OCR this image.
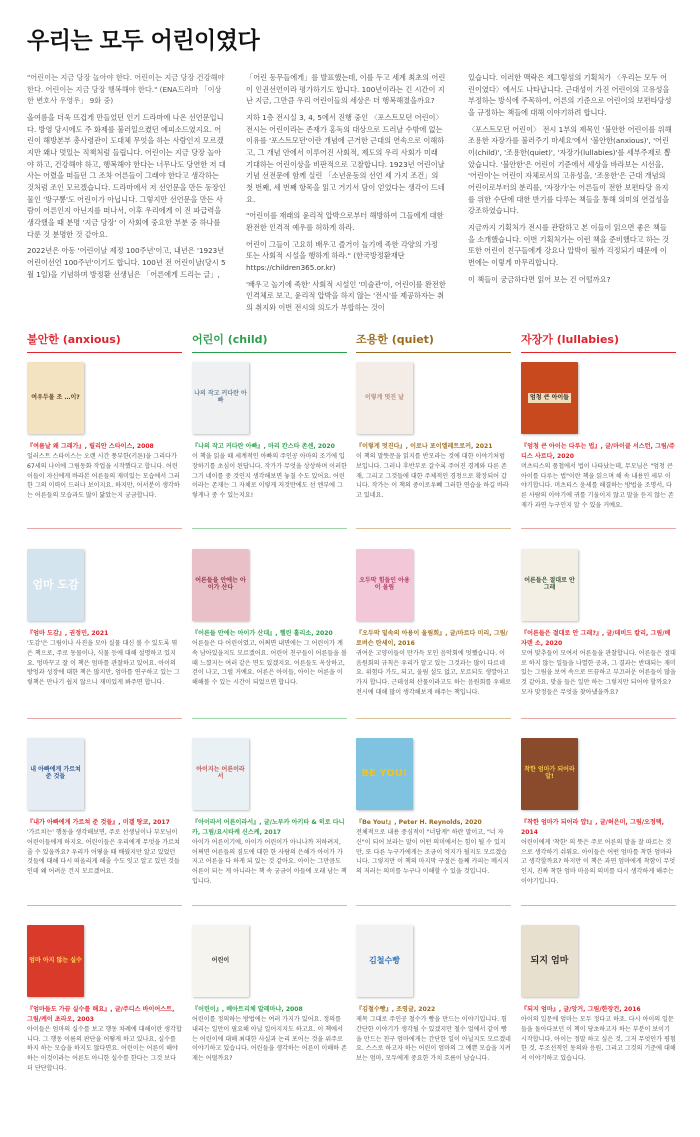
우리는 모두 어린이였다

"어린이는 지금 당장 놀아야 한다. 어린이는 지금 당장 건강해야 한다. 어린이는 지금 당장 행복해야 한다." (ENA드라마 「이상한 변호사 우영우」 9화 중)

올여름을 더욱 뜨겁게 만들었던 인기 드라마에 나온 선언문입니다. 방영 당시에도 주 화제를 불러일으켰던 에피소드였지요. 어린이 해방본부 총사령관이 도대체 무엇을 하는 사람인지 모르겠지만 왜나 멋있는 직책처럼 들립니다. 어린이는 지금 당장 놀아야 하고, 건강해야 하고, 행복해야 한다는 너무나도 당연한 저 대사는 어렸을 떠들던 그 조차 어른들이 그래야 한다고 생각하는 것처럼 조인 모르겠습니다. 드라마에서 저 선언문을 만든 동장인물인 '방구뽕'도 어린이가 아닙니다. 그렇지만 선언문을 만든 사람이 어른인지 아닌지를 떠나서, 이후 우리에게 이 진 파급력을 생각했을 때 분명 '지금 당장' 이 사회에 중요한 부분 중 하나를 다룬 것 분명한 것 같아요.

2022년은 아동 '어린이날 제정 100주년'이고, 내년은 '1923년 어린이선언 100주년'이기도 합니다. 100년 전 어린이날(당시 5월 1일)을 기념하며 방정환 선생님은 「어른에게 드리는 글」,

「어린 동무들에게」를 발표했는데, 이를 두고 세계 최초의 어린이 인권선언이라 평가하기도 합니다. 100년이라는 긴 시간이 지난 지금, 그만큼 우리 어린이들의 세상은 더 행복해졌을까요?

지하 1층 전시실 3, 4, 5에서 진행 중인 〈포스트모던 어린이〉 전시는 어린이라는 존재가 홍독의 대상으로 드러날 수밖에 없는 이유를 '포스트모던'이란 개념에 근거한 근대의 연속으로 이해하고, 그 개념 안에서 이루어진 사회적, 제도의 우리 사회가 미래 기대하는 어린이상을 비판적으로 고찰합니다. 1923년 어린이날 기념 선전문에 함께 실린 「소년운동의 선언 세 가지 조건」의 첫 번째, 세 번째 항목을 읽고 거기서 담이 얻었다는 생각이 드네요.

"어린이를 재래의 윤리적 압박으로부터 해방하여 그들에게 대한 완전한 인격적 예우를 허하게 하라.

어린이 그들이 고요히 배우고 즐거이 놀기에 족한 각양의 가정 또는 사회적 시설을 행하게 하라." (한국방정환재단 https://children365.or.kr)

'배우고 놀기에 족한' 사회적 시설인 '미술관'이, 어린이를 완전한 인격체로 보고, 윤리적 압박을 하지 않는 '전시'를 제공하자는 취의 취지와 이번 전시의 의도가 부합하는 것이

있습니다. 이러한 맥락은 제그렇섬의 기획처가 〈우리는 모두 어린이였다〉에서도 나타납니다. 근대성이 가진 어린이의 고유성을 부정하는 방식에 주목하여, 어른의 기준으로 어린이의 보편타당성을 규정하는 책들에 대해 이야기하려 합니다.

〈포스트모던 어린이〉 전시 1부의 제목인 '불안한 어린이를 위해 조용한 자장가를 불러주기 마세요'에서 '불안한(anxious)', '어린이(child)', '조용한(quiet)', '자장가(lullabies)'를 세부주제로 뽑았습니다. '불안한'은 어린이 기준에서 세상을 바라보는 시선을, '어린이'는 어린이 자체로서의 고유성을, '조용한'은 근대 개념의 어린이로부터의 분리를, '자장가'는 어른들이 전한 보편타당 유지를 위한 수단에 대한 반기를 다루는 책들을 통해 의미의 연결성을 강조하였습니다.

지금까지 기획처가 전시를 관람하고 본 이들이 읽으면 좋은 책들을 소개했습니다. 이번 기획처가는 이런 책을 준비했다고 하는 것 또한 어린이 친구들에게 강요나 압박이 될까 걱정되기 때문에 이번에는 이렇게 마무리합니다.

이 책들이 궁금하다면 읽어 보는 건 어떨까요?

불안한 (anxious)	어린이 (child)	조용한 (quiet)	자장가 (lullabies)
여우두물 조 …이?
『여름날 왜 그래가』, 릴리안 스타이스, 2008
일러스트 스타이스는 오랜 시간 풍부한(키튼)을 그리다가 67세의 나이에 그림동화 작업을 시작했다고 합니다. 어린이들이 자신에게 바라본 어른들의 재미있는 모습에서 그러한 그의 이력이 드러나 보이지요. 하지만, 어서분이 생각하는 어른들의 모습과도 많이 닮았는지 궁금합니다.
나의 작고 커다란 아빠
『나의 작고 커다란 아빠』, 마리 칸스타 존센, 2020
이 책을 읽을 때 세계적인 아빠의 주인공 아마의 조기에 입장하기를 초심이 된답니다. 작가가 무엇을 상상하며 이러한 그기 네이를 중 것인지 생각해보면 놓칠 수도 있어요. 어린이라는 존재는 그 자체로 이렇게 저것만에도 선 엔부에 그렇게나 중 수 있는지요!
이렇게 멋진 날
『이렇게 멋진다』, 이로나 포이엘레트로커, 2021
이 책의 말뜻문을 읽지를 반모라는 것에 대한 이야기처럼 보입니다. 그러나 후반부로 갈수록 주어진 경계와 다른 존재, 그리고 그것들에 대한 주체적인 경청으로 확장되어 갑니다. 작가는 이 책의 중이로우뻬 그러한 연습을 하길 바라고 있네요.
엄청 큰 아이들
『엄청 큰 아이는 다루는 법』, 글/마이클 서스턴, 그림/쥬디스 사르다, 2020
머츠티스의 품첩에서 법이 나타났는데, 무모님은 "엄청 큰 아이를 다루는 법"이란 책을 읽으며 해 속 내용인 세부 이야기합니다. 머츠티스 윤세를 해결하는 방법을 조명서, 다른 사람의 이야기에 귀를 기울이지 않고 말을 듣지 않는 존재가 과연 누구인지 알 수 있을 거예요.
엄마 도감
『엄마 도감』, 권정민, 2021
'도감'은 그림이나 사진을 모아 실물 대신 볼 수 있도록 엮은 책으로, 주로 동물이나, 식물 등에 대해 설명하고 있지요. 엉마꾸고 잘 이 책은 엄마를 관찰하고 있어요. 아이의 방엉과 성장에 대한 책은 많지만, 엄마를 연구하고 있는 그렇책은 만나기 쉽지 않으니 재미있게 봐주면 합니다.
어른들을 안에는 아이가 산다
『어른들 안에는 아이가 산대』, 헬린 홀리소, 2020
어른들은 다 어린이였고, 어쩌면 내면에는 그 어린이가 계속 남아있을지도 모르겠어요. 어린이 친구들이 어른들을 볼 때 느꼈지는 여러 같은 면도 있겠지요. 어른들도 옥상하고, 걷이 나고, 그럴 거예요. 어른은 아이들, 아이는 어른을 이해해볼 수 있는 시간이 되었으면 합니다.
오두막 힘들인 아용이 울림
『오두막 밑속의 아용이 울림회』, 글/마르다 미리, 그림/로버슨 탄세이, 2016
귀여운 고양이들이 만가득 모인 음악회에 멋쨌습니다. 이 음원회의 규칙은 우리가 알고 있는 그것과는 많이 다르네요. 위험다 가도, 되고, 울림 설도 없고, 모르되도 생깔아고가지 합니다. 근데성의 산물이라고도 하는 음원회를 우해로 전시에 대해 많이 생각해보게 해주는 책입니다.
어른들은 절대로 안 그래
『어른들은 절대로 안 그래?』, 글/데비드 칼리, 그림/베자덴 소, 2020
모여 맞추들이 모여서 어른들을 관찰합니다. 어른들은 절대로 하지 않는 일들을 나열한 공과, 그 결과는 반대되는 재미있는 그림을 보여 속으로 뜨끔하고 부끄러운 어른들이 많을 것 같아요. 맞을 들은 일만 하는 그렇지만 되어야 할까요? 모자 맞정들은 무엇을 찾아냈을까요?
내 아빠에게 가르쳐 준 것들
『내가 아빠에게 가르쳐 준 것들』, 미겔 탕코, 2017
'가르치는' 행동을 생각해보면, 주로 선생님이나 부모님이 어린이들에게 하지요. 어린이들은 우리에게 무엇을 가르쳐 줄 수 있을까요? 우리가 어떻을 때 배웠지만 알고 있었던 것들에 대해 다시 떠올리게 해줄 수도 잇고 알고 있던 것들인데 왜 어려운 건지 모르겠어요.
아이지는 어른이라서
『아이라서 어른이라서』, 글/노부카 아키타 & 히로 다니카, 그림/요시타케 신스케, 2017
아이가 어른이기에, 아이가 어린이가 아니나까 저하려지, 어쩌면 어른들의 짐도에 대한 한 사람의 은해가 아이가 가지고 어른을 다 하게 되 있는 것 같아요. 아이는 그만큼도 어른이 되는 게 아니라는 책 속 궁금이 아들에 오래 남는 책입니다.
BE YOU!
『Be You!』, Peter H. Reynolds, 2020
전체적으로 내용 중심적이 "너답게" 하란 말이고, "너 자신"이 되어 보라는 말이 어떤 의미에서는 힘이 될 수 있지만, 또 다른 누구가에게는 조금이 억지가 될지도 모르겠습니다. 그렇지만 이 책의 마지막 구절은 들째 카피는 메시지의 저러는 의미를 누구나 이해할 수 있을 것입니다.
착한 엄마가 되어라 알!
『착한 엄마가 되어라 얍!』, 글/허은미, 그림/오정택, 2014
어린이에게 '착한' 의 뜻은 주로 어른의 말을 잘 따르는 것으로 생각하기 쉬워요. 아이들은 어떤 엄마를 착한 엄마라고 생각할까요? 하지만 이 책은 과연 엄마에게 착함이 무엇인지, 진짜 착한 엄마 마음의 의미를 다시 생각하게 해주는 이야기입니다.
엄마 아지 않는 실수
『엄마들도 가끔 실수를 해요』, 글/주디스 바이어스트, 그림/케이 초라오, 2003
아이들은 엄마의 실수를 보고 행동 차례에 대해이란 생각합니다. 그 행동 이름의 판단을 어떻게 하고 있나요, 실수를 하지 하는 모습을 하지도 않다면요. 어린이는 어른이 해야하는 이것이라는 어른도 아니한 실수를 한다는 그것 보다 더 단단합니다.
어린이
『어린이』, 베아트리체 알레마냐, 2008
어린이를 정의하는 방법에는 여러 가지가 있어요. 정의를 내리는 일만이 필요해 아닐 일어지지도 하고요. 이 책에서는 어린이에 대해 최대한 사실과 논리 포어는 것을 위주로 이야기하고 있습니다. 어린들을 생각하는 어른이 이해하 존재는 어떨까요?
김철수빵
『김철수빵』, 조영글, 2022
제목 그대로 주인공 철수가 빵을 만드는 이야기입니다. 힘 간단한 이야기가 생각될 수 있겠지만 철수 얼에서 같이 빵을 만드는 친구 엄마에게는 간단한 일이 아닐지도 모르겠네요. 스스로 하고자 하는 어린이 엄마의 그 예쁜 모습을 지켜보는 엄마, 모두에게 중요한 가치 흐름이 남습니다.
되지 엄마
『되지 엄마』, 글/앙거, 그림/한장건, 2016
아이의 일문에 엄마는 모두 정다고 하죠. 다시 아이의 일문들을 돌아다보던 이 책이 당초하고자 하는 부분이 보이기 시작합니다. 아이는 정말 하고 싶은 것, 그저 무엇인가 평험한 것, 무조선적인 동의와 응원, 그리고 그것의 기준에 대해서 이야기하고 있습니다.
